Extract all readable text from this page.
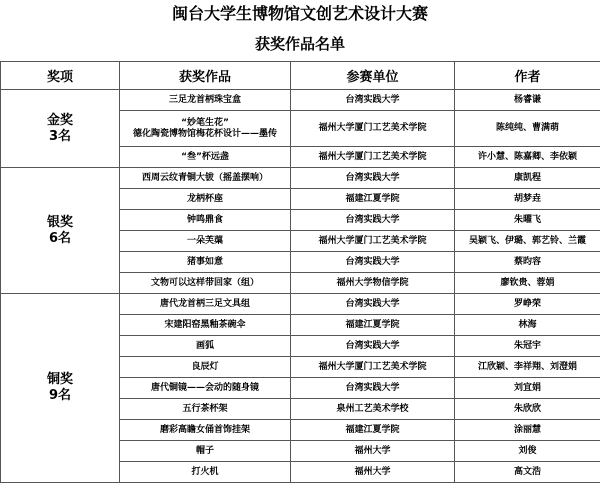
闽台大学生博物馆文创艺术设计大赛
获奖作品名单
奖项	获奖作品	参赛单位	作者

金奖
3名	三足龙首柄珠宝盒	台湾实践大学	杨睿谦

	“妙笔生花”
德化陶瓷博物馆梅花杯设计——墨传	福州大学厦门工艺美术学院	陈纯纯、曹满萌
	“叁”杯远盏	福州大学厦门工艺美术学院	许小慧、陈嘉卿、李依颖

银奖
6名	西周云纹青铜大钹（摇盖摆响）	台湾实践大学	康凯程
	龙柄杯座	福建江夏学院	胡梦垚
	钟鸣鼎食	台湾实践大学	朱曜飞
	一朵芙蕖	福州大学厦门工艺美术学院	吴颖飞、伊璐、郭艺铃、兰霞
	猪事如意	台湾实践大学	蔡昀容
	文物可以这样带回家（组）	福州大学物信学院	廖钦贵、蓉娟

铜奖
9名	唐代龙首柄三足文具组	台湾实践大学	罗峥荣
	宋建阳窑黑釉茶碗伞	福建江夏学院	林海
	画狐	台湾实践大学	朱冠宇
	良辰灯	福州大学厦门工艺美术学院	江欣颖、李祥翔、刘澄娟
	唐代铜镜——会动的随身镜	台湾实践大学	刘宜娟
	五行茶杯架	泉州工艺美术学校	朱欣欣
	磨彩高瞻女俑首饰挂架	福建江夏学院	涂丽慧
	帽子	福州大学	刘俊
	打火机	福州大学	高文浩
